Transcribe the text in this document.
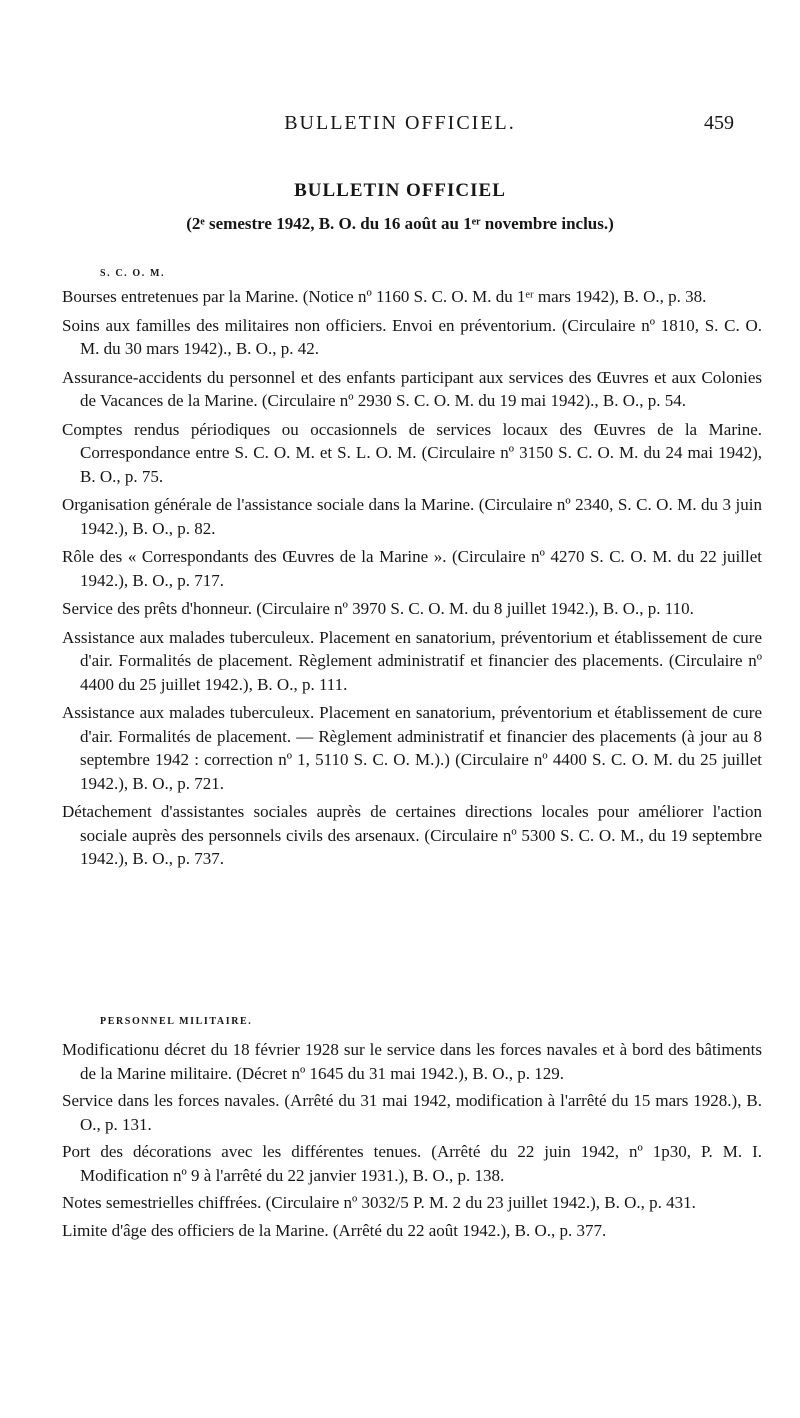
BULLETIN OFFICIEL.	459
BULLETIN OFFICIEL
(2ᵉ semestre 1942, B. O. du 16 août au 1ᵉʳ novembre inclus.)
S. C. O. M.

Bourses entretenues par la Marine. (Notice nº 1160 S. C. O. M. du 1ᵉʳ mars 1942), B. O., p. 38.

Soins aux familles des militaires non officiers. Envoi en préventorium. (Circulaire nº 1810, S. C. O. M. du 30 mars 1942)., B. O., p. 42.

Assurance-accidents du personnel et des enfants participant aux services des Œuvres et aux Colonies de Vacances de la Marine. (Circulaire nº 2930 S. C. O. M. du 19 mai 1942)., B. O., p. 54.

Comptes rendus périodiques ou occasionnels de services locaux des Œuvres de la Marine. Correspondance entre S. C. O. M. et S. L. O. M. (Circulaire nº 3150 S. C. O. M. du 24 mai 1942), B. O., p. 75.

Organisation générale de l'assistance sociale dans la Marine. (Circulaire nº 2340, S. C. O. M. du 3 juin 1942.), B. O., p. 82.

Rôle des « Correspondants des Œuvres de la Marine ». (Circulaire nº 4270 S. C. O. M. du 22 juillet 1942.), B. O., p. 717.

Service des prêts d'honneur. (Circulaire nº 3970 S. C. O. M. du 8 juillet 1942.), B. O., p. 110.

Assistance aux malades tuberculeux. Placement en sanatorium, préventorium et établissement de cure d'air. Formalités de placement. Règlement administratif et financier des placements. (Circulaire nº 4400 du 25 juillet 1942.), B. O., p. 111.

Assistance aux malades tuberculeux. Placement en sanatorium, préventorium et établissement de cure d'air. Formalités de placement. — Règlement administratif et financier des placements (à jour au 8 septembre 1942 : correction nº 1, 5110 S. C. O. M.).) (Circulaire nº 4400 S. C. O. M. du 25 juillet 1942.), B. O., p. 721.

Détachement d'assistantes sociales auprès de certaines directions locales pour améliorer l'action sociale auprès des personnels civils des arsenaux. (Circulaire nº 5300 S. C. O. M., du 19 septembre 1942.), B. O., p. 737.

PERSONNEL MILITAIRE.

Modificationu décret du 18 février 1928 sur le service dans les forces navales et à bord des bâtiments de la Marine militaire. (Décret nº 1645 du 31 mai 1942.), B. O., p. 129.

Service dans les forces navales. (Arrêté du 31 mai 1942, modification à l'arrêté du 15 mars 1928.), B. O., p. 131.

Port des décorations avec les différentes tenues. (Arrêté du 22 juin 1942, nº 1p30, P. M. I. Modification nº 9 à l'arrêté du 22 janvier 1931.), B. O., p. 138.

Notes semestrielles chiffrées. (Circulaire nº 3032/5 P. M. 2 du 23 juillet 1942.), B. O., p. 431.

Limite d'âge des officiers de la Marine. (Arrêté du 22 août 1942.), B. O., p. 377.
